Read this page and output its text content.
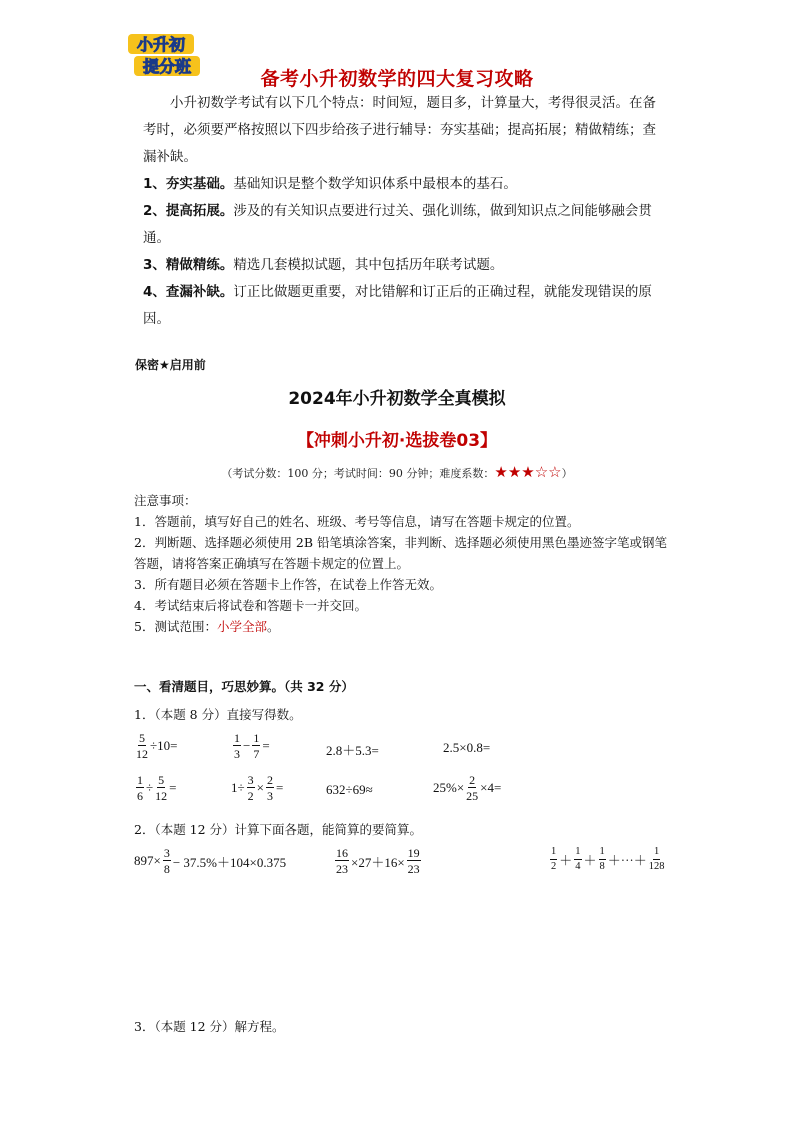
小升初
提分班
备考小升初数学的四大复习攻略
小升初数学考试有以下几个特点：时间短，题目多，计算量大，考得很灵活。在备考时，必须要严格按照以下四步给孩子进行辅导：夯实基础；提高拓展；精做精练；查漏补缺。
1、夯实基础。基础知识是整个数学知识体系中最根本的基石。
2、提高拓展。涉及的有关知识点要进行过关、强化训练，做到知识点之间能够融会贯通。
3、精做精练。精选几套模拟试题，其中包括历年联考试题。
4、查漏补缺。订正比做题更重要，对比错解和订正后的正确过程，就能发现错误的原因。
保密★启用前
2024年小升初数学全真模拟
【冲刺小升初·选拔卷03】
（考试分数：100 分；考试时间：90 分钟；难度系数：★★★☆☆）
注意事项：
1．答题前，填写好自己的姓名、班级、考号等信息，请写在答题卡规定的位置。
2．判断题、选择题必须使用 2B 铅笔填涂答案，非判断、选择题必须使用黑色墨迹签字笔或钢笔答题，请将答案正确填写在答题卡规定的位置上。
3．所有题目必须在答题卡上作答，在试卷上作答无效。
4．考试结束后将试卷和答题卡一并交回。
5．测试范围：小学全部。
一、看清题目，巧思妙算。（共 32 分）
1．（本题 8 分）直接写得数。
$\frac{5}{12} \div 10=$	$\frac{1}{3} - \frac{1}{7}$ =	2.8＋5.3=	2.5×0.8=
$\frac{1}{6} \div \frac{5}{12}$ =	$1\div \frac{3}{2} \times \frac{2}{3}$ =	632÷69≈	$25\%\times \frac{2}{25} \times 4=$
2．（本题 12 分）计算下面各题，能简算的要简算。
$897\times \frac{3}{8} - 37.5\%+104\times 0.375$	$\frac{16}{23} \times 27+16\times \frac{19}{23}$	$\frac{1}{2} + \frac{1}{4} + \frac{1}{8}$ ＋⋯＋ $\frac{1}{128}$
3．（本题 12 分）解方程。
